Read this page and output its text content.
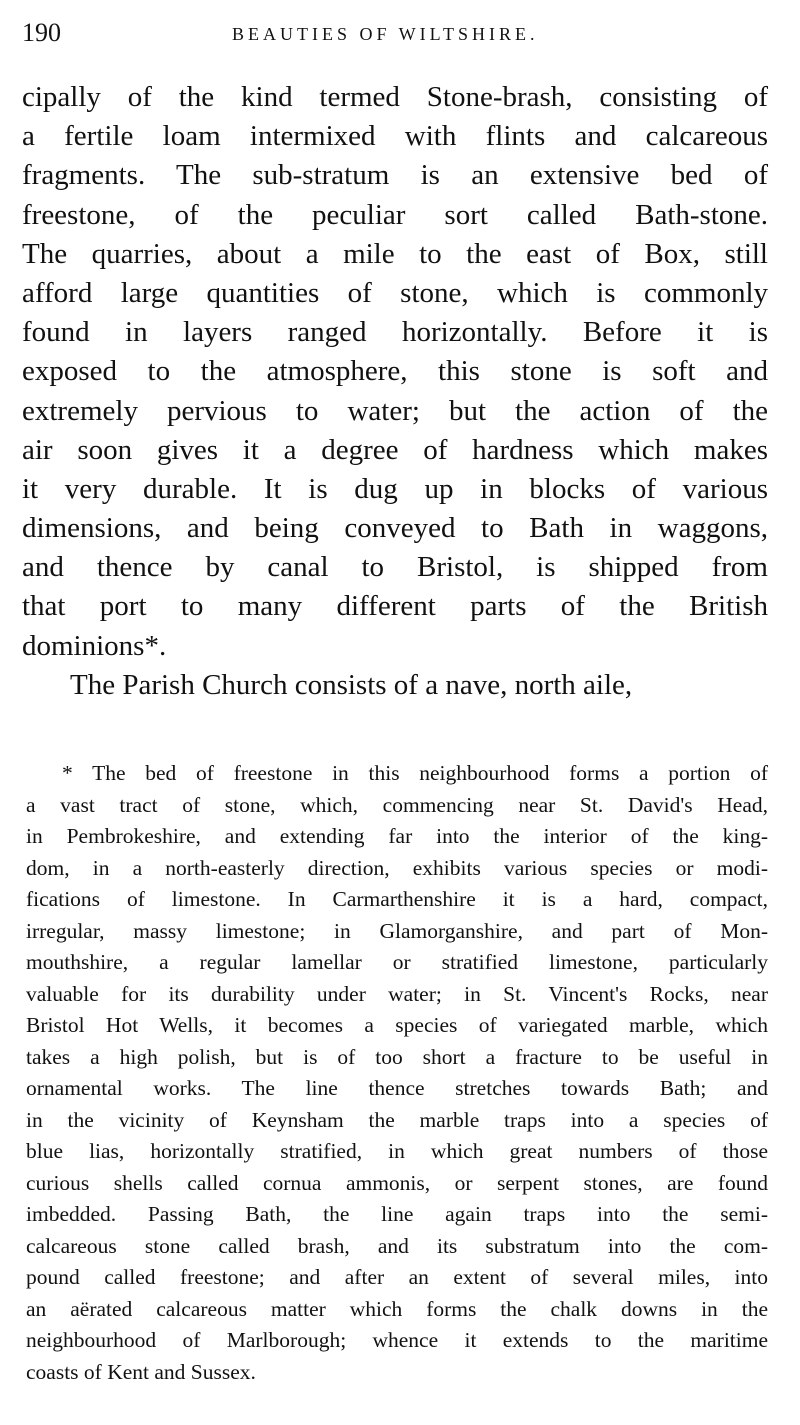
190	BEAUTIES OF WILTSHIRE.
cipally of the kind termed Stone-brash, consisting of
a fertile loam intermixed with flints and calcareous
fragments. The sub-stratum is an extensive bed of
freestone, of the peculiar sort called Bath-stone.
The quarries, about a mile to the east of Box, still
afford large quantities of stone, which is commonly
found in layers ranged horizontally. Before it is
exposed to the atmosphere, this stone is soft and
extremely pervious to water; but the action of the
air soon gives it a degree of hardness which makes
it very durable. It is dug up in blocks of various
dimensions, and being conveyed to Bath in waggons,
and thence by canal to Bristol, is shipped from
that port to many different parts of the British
dominions*.
The Parish Church consists of a nave, north aile,
* The bed of freestone in this neighbourhood forms a portion of
a vast tract of stone, which, commencing near St. David's Head,
in Pembrokeshire, and extending far into the interior of the king-
dom, in a north-easterly direction, exhibits various species or modi-
fications of limestone. In Carmarthenshire it is a hard, compact,
irregular, massy limestone; in Glamorganshire, and part of Mon-
mouthshire, a regular lamellar or stratified limestone, particularly
valuable for its durability under water; in St. Vincent's Rocks, near
Bristol Hot Wells, it becomes a species of variegated marble, which
takes a high polish, but is of too short a fracture to be useful in
ornamental works. The line thence stretches towards Bath; and
in the vicinity of Keynsham the marble traps into a species of
blue lias, horizontally stratified, in which great numbers of those
curious shells called cornua ammonis, or serpent stones, are found
imbedded. Passing Bath, the line again traps into the semi-
calcareous stone called brash, and its substratum into the com-
pound called freestone; and after an extent of several miles, into
an aërated calcareous matter which forms the chalk downs in the
neighbourhood of Marlborough; whence it extends to the maritime
coasts of Kent and Sussex.
